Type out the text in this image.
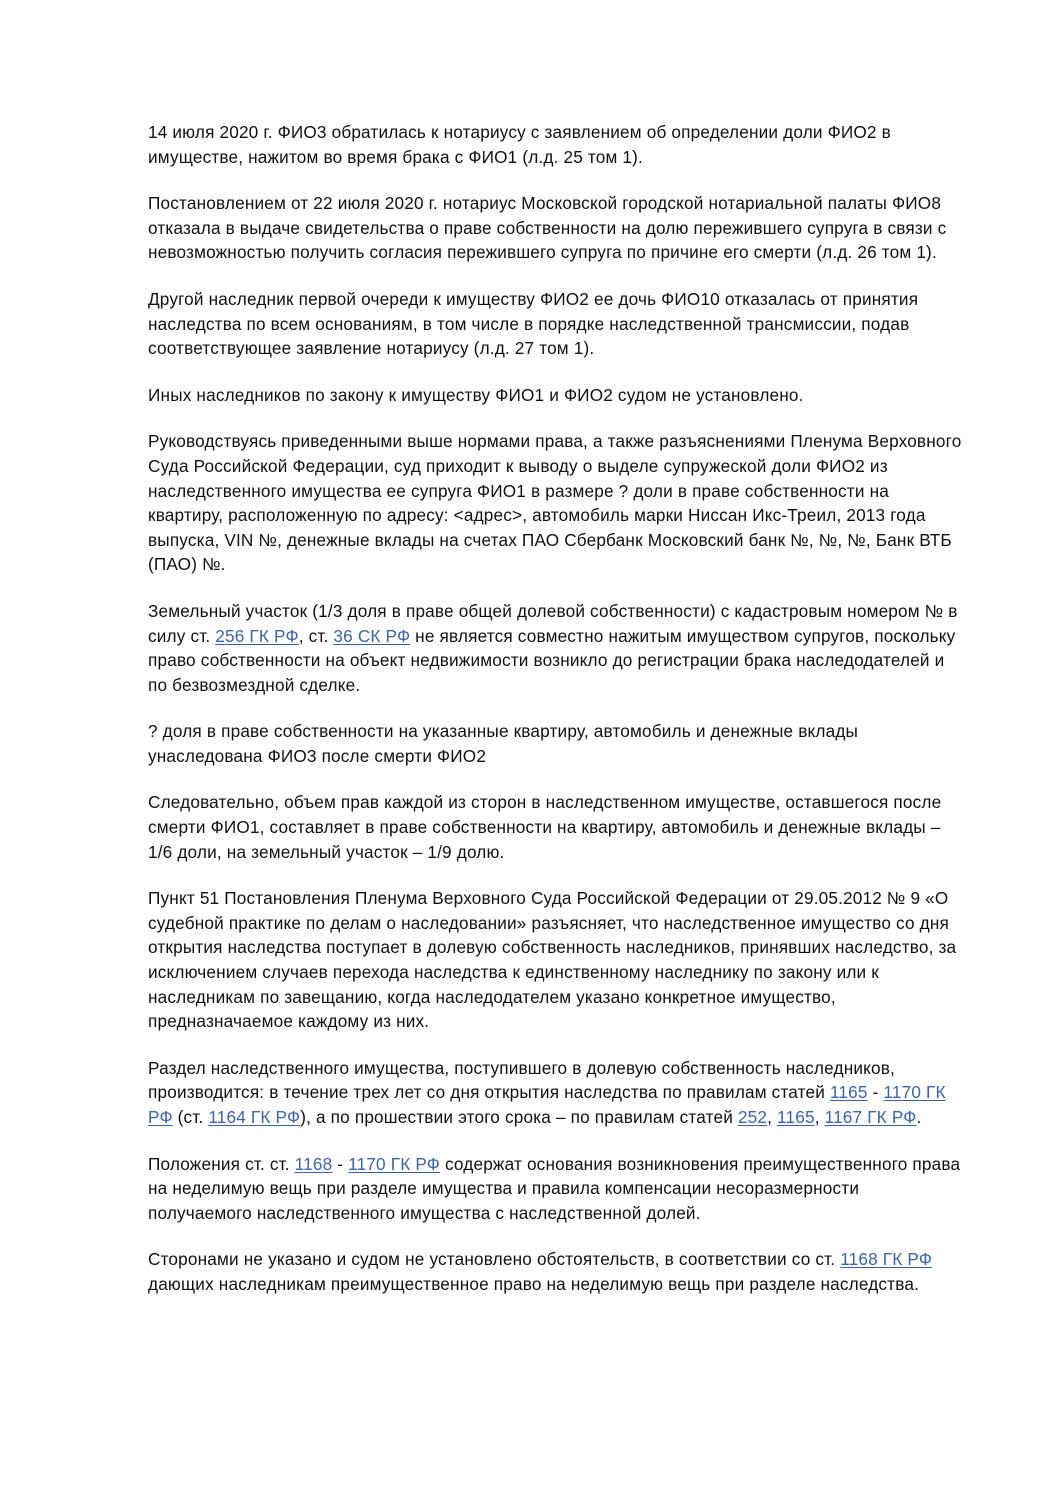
14 июля 2020 г. ФИО3 обратилась к нотариусу с заявлением об определении доли ФИО2 в имуществе, нажитом во время брака с ФИО1 (л.д. 25 том 1).

Постановлением от 22 июля 2020 г. нотариус Московской городской нотариальной палаты ФИО8 отказала в выдаче свидетельства о праве собственности на долю пережившего супруга в связи с невозможностью получить согласия пережившего супруга по причине его смерти (л.д. 26 том 1).

Другой наследник первой очереди к имуществу ФИО2 ее дочь ФИО10 отказалась от принятия наследства по всем основаниям, в том числе в порядке наследственной трансмиссии, подав соответствующее заявление нотариусу (л.д. 27 том 1).

Иных наследников по закону к имуществу ФИО1 и ФИО2 судом не установлено.

Руководствуясь приведенными выше нормами права, а также разъяснениями Пленума Верховного Суда Российской Федерации, суд приходит к выводу о выделе супружеской доли ФИО2 из наследственного имущества ее супруга ФИО1 в размере ? доли в праве собственности на квартиру, расположенную по адресу: <адрес>, автомобиль марки Ниссан Икс-Треил, 2013 года выпуска, VIN №, денежные вклады на счетах ПАО Сбербанк Московский банк №, №, №, Банк ВТБ (ПАО) №.

Земельный участок (1/3 доля в праве общей долевой собственности) с кадастровым номером № в силу ст. 256 ГК РФ, ст. 36 СК РФ не является совместно нажитым имуществом супругов, поскольку право собственности на объект недвижимости возникло до регистрации брака наследодателей и по безвозмездной сделке.

? доля в праве собственности на указанные квартиру, автомобиль и денежные вклады унаследована ФИО3 после смерти ФИО2

Следовательно, объем прав каждой из сторон в наследственном имуществе, оставшегося после смерти ФИО1, составляет в праве собственности на квартиру, автомобиль и денежные вклады – 1/6 доли, на земельный участок – 1/9 долю.

Пункт 51 Постановления Пленума Верховного Суда Российской Федерации от 29.05.2012 № 9 «О судебной практике по делам о наследовании» разъясняет, что наследственное имущество со дня открытия наследства поступает в долевую собственность наследников, принявших наследство, за исключением случаев перехода наследства к единственному наследнику по закону или к наследникам по завещанию, когда наследодателем указано конкретное имущество, предназначаемое каждому из них.

Раздел наследственного имущества, поступившего в долевую собственность наследников, производится: в течение трех лет со дня открытия наследства по правилам статей 1165 - 1170 ГК РФ (ст. 1164 ГК РФ), а по прошествии этого срока – по правилам статей 252, 1165, 1167 ГК РФ.

Положения ст. ст. 1168 - 1170 ГК РФ содержат основания возникновения преимущественного права на неделимую вещь при разделе имущества и правила компенсации несоразмерности получаемого наследственного имущества с наследственной долей.

Сторонами не указано и судом не установлено обстоятельств, в соответствии со ст. 1168 ГК РФ дающих наследникам преимущественное право на неделимую вещь при разделе наследства.
